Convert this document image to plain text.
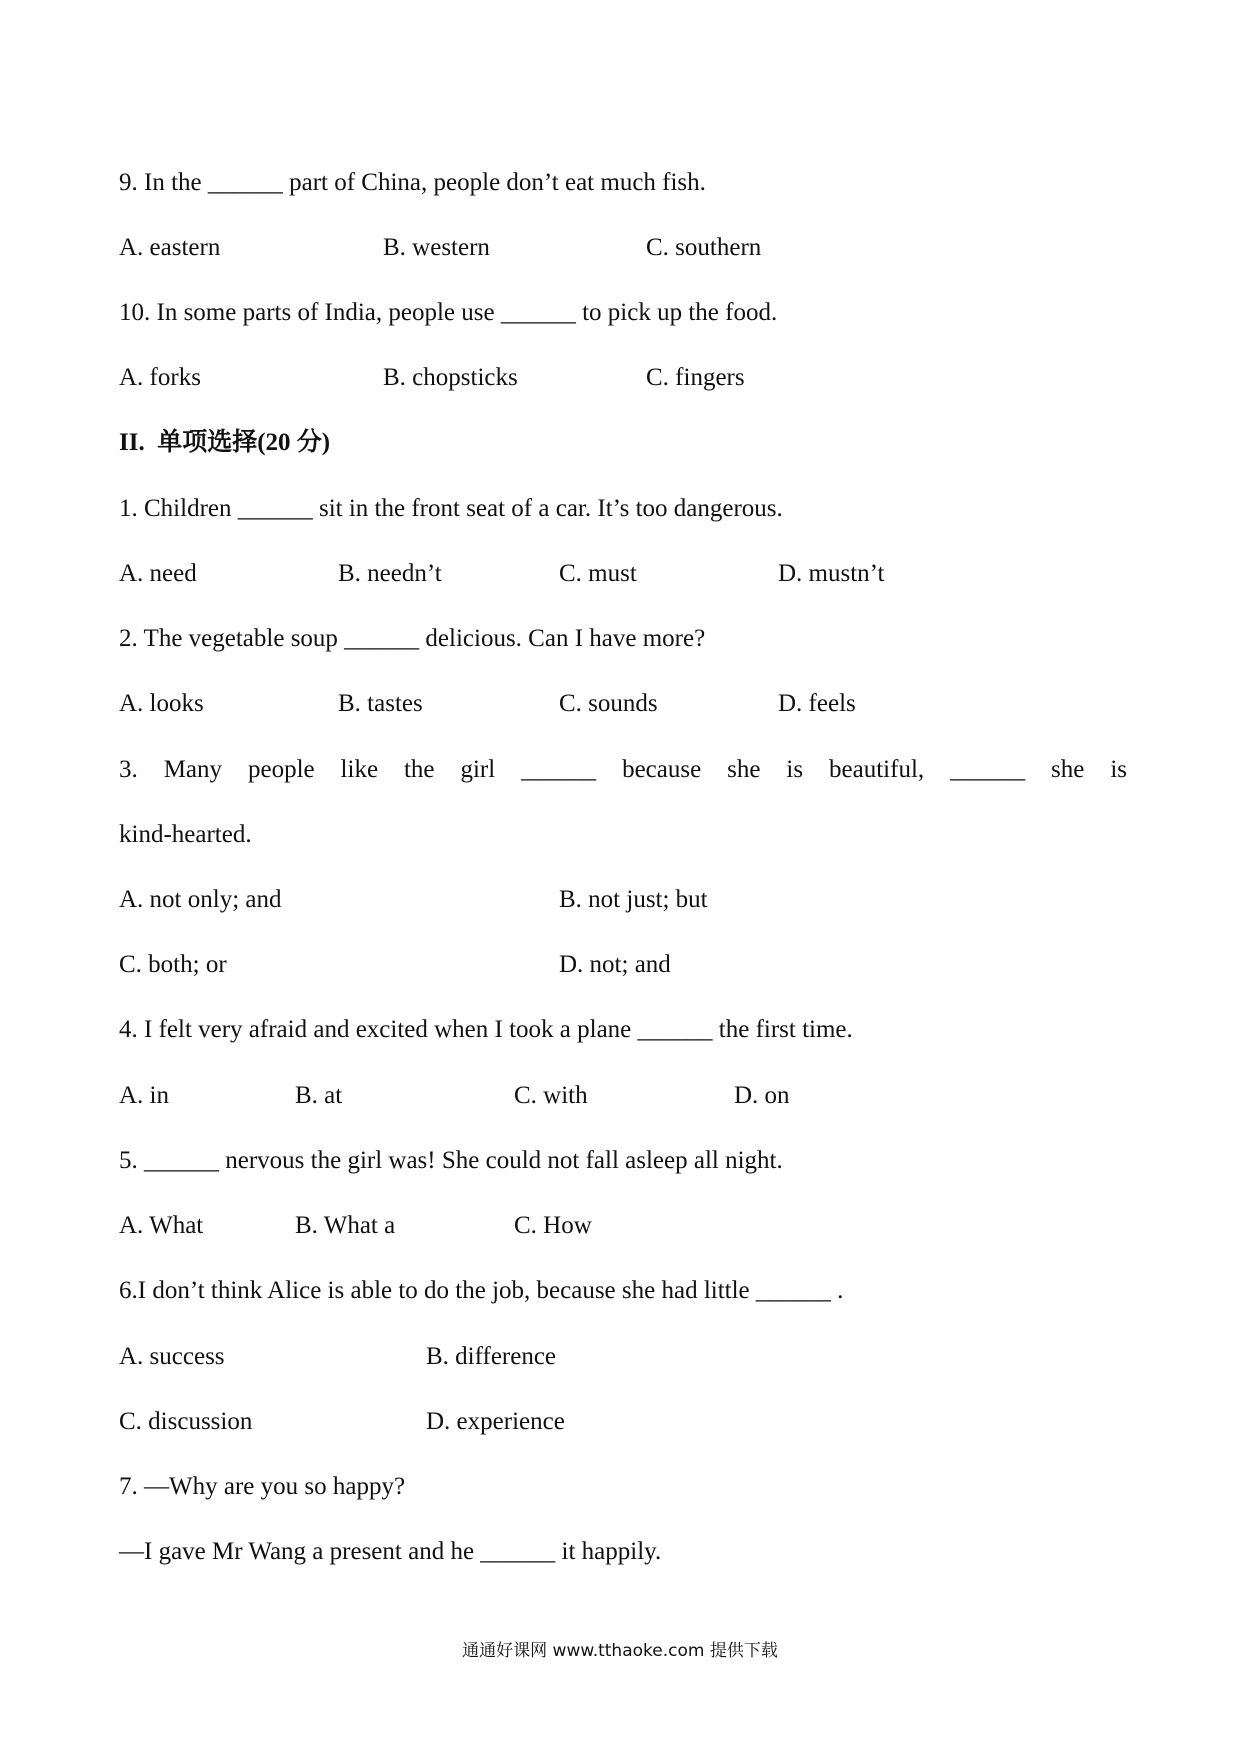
9. In the ______ part of China, people don’t eat much fish.
A. eastern	B. western	C. southern
10. In some parts of India, people use ______ to pick up the food.
A. forks	B. chopsticks	C. fingers
II.  单项选择(20 分)
1. Children ______ sit in the front seat of a car. It’s too dangerous.
A. need	B. needn’t	C. must	D. mustn’t
2. The vegetable soup ______ delicious. Can I have more?
A. looks	B. tastes	C. sounds	D. feels
3. Many people like the girl ______ because she is beautiful, ______ she is
kind-hearted.
A. not only; and	B. not just; but
C. both; or	D. not; and
4. I felt very afraid and excited when I took a plane ______ the first time.
A. in	B. at	C. with	D. on
5. ______ nervous the girl was! She could not fall asleep all night.
A. What	B. What a	C. How
6.I don’t think Alice is able to do the job, because she had little ______ .
A. success	B. difference
C. discussion	D. experience
7. —Why are you so happy?
—I gave Mr Wang a present and he ______ it happily.
通通好课网 www.tthaoke.com 提供下载
